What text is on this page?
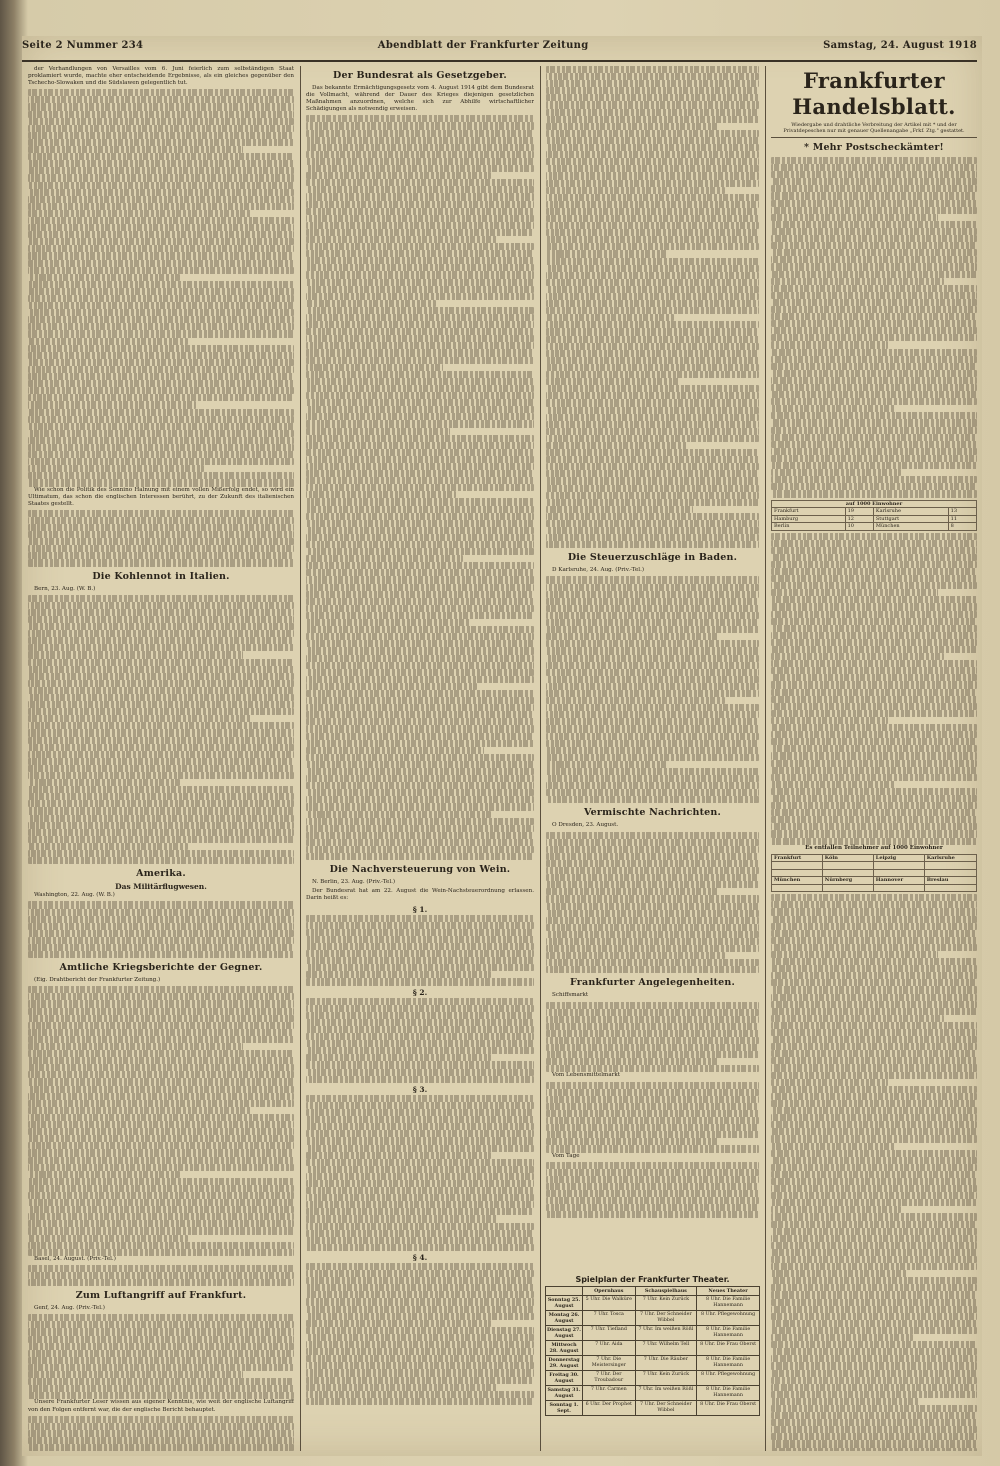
Seite 2 Nummer 234	Abendblatt der Frankfurter Zeitung	Samstag, 24. August 1918

der Verhandlungen von Versailles vom 6. Juni feierlich zum selbständigen Staat proklamiert wurde, machte eher entscheidende Ergebnisse, als ein gleiches gegenüber den Tschecho-Slowaken und die Südslawen gelegentlich tut.

Wie schon die Politik des Sonnino Halnung mit einem vollen Mißerfolg endet, so wird ein Ultimatum, das schon die englischen Interessen berührt, zu der Zukunft des italienischen Staates gestellt.

Die Kohlennot in Italien.

Bern, 23. Aug. (W. B.)

Amerika.
Das Militärflugwesen.

Washington, 22. Aug. (W. B.)

Amtliche Kriegsberichte der Gegner.

(Eig. Drahtbericht der Frankfurter Zeitung.)

Basel, 24. August. (Priv.-Tel.)

Zum Luftangriff auf Frankfurt.

Genf, 24. Aug. (Priv.-Tel.)

Unsere Frankfurter Leser wissen aus eigener Kenntnis, wie weit der englische Luftangriff von den Folgen entfernt war, die der englische Bericht behauptet.

Der Bundesrat als Gesetzgeber.

Das bekannte Ermächtigungsgesetz vom 4. August 1914 gibt dem Bundesrat die Vollmacht, während der Dauer des Krieges diejenigen gesetzlichen Maßnahmen anzuordnen, welche sich zur Abhilfe wirtschaftlicher Schädigungen als notwendig erweisen.

Die Nachversteuerung von Wein.

N. Berlin, 23. Aug. (Priv.-Tel.)

Der Bundesrat hat am 22. August die Wein-Nachsteuerordnung erlassen. Darin heißt es:

§ 1.
§ 2.
§ 3.
§ 4.
Die Steuerzuschläge in Baden.

D Karlsruhe, 24. Aug. (Priv.-Tel.)

Vermischte Nachrichten.

O Dresden, 23. August.

Frankfurter Angelegenheiten.

Schiffsmarkt

Vom Lebensmittelmarkt

Vom Tage

Spielplan der Frankfurter Theater.
	Opernhaus	Schauspielhaus	Neues Theater
Sonntag 25. August	5 Uhr. Die Walküre	7 Uhr. Kein Zurück	8 Uhr. Die Familie Hannemann
Montag 26. August	7 Uhr. Tosca	7 Uhr. Der Schneider Wibbel	8 Uhr. Pflegewohnung
Dienstag 27. August	7 Uhr. Tiefland	7 Uhr. Im weißen Rößl	8 Uhr. Die Familie Hannemann
Mittwoch 28. August	7 Uhr. Aida	7 Uhr. Wilhelm Tell	8 Uhr. Die Frau Oberst
Donnerstag 29. August	7 Uhr. Die Meistersinger	7 Uhr. Die Räuber	8 Uhr. Die Familie Hannemann
Freitag 30. August	7 Uhr. Der Troubadour	7 Uhr. Kein Zurück	8 Uhr. Pflegewohnung
Samstag 31. August	7 Uhr. Carmen	7 Uhr. Im weißen Rößl	8 Uhr. Die Familie Hannemann
Sonntag 1. Sept.	6 Uhr. Der Prophet	7 Uhr. Der Schneider Wibbel	8 Uhr. Die Frau Oberst
Frankfurter Handelsblatt.
Wiedergabe und drahtliche Verbreitung der Artikel mit * und der Privatdepeschen nur mit genauer Quellenangabe „Frkf. Ztg." gestattet.
* Mehr Postscheckämter!
auf 1000 Einwohner			
Frankfurt	19	Karlsruhe	13
Hamburg	12	Stuttgart	11
Berlin	10	München	8
Es entfallen Teilnehmer auf 1000 Einwohner
Frankfurt	Köln	Leipzig	Karlsruhe

München	Nürnberg	Hannover	Breslau
